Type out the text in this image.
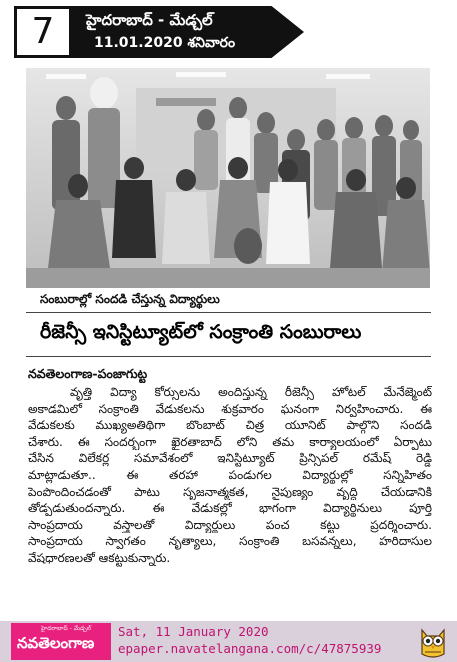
7	హైదరాబాద్ - మేడ్చల్
11.01.2020 శనివారం
సంబురాల్లో సందడి చేస్తున్న విద్యార్థులు
రీజెన్సీ ఇనిస్టిట్యూట్‌లో సంక్రాంతి సంబురాలు
నవతెలంగాణ-పంజాగుట్ట
వృత్తి విద్యా కోర్సులను అందిస్తున్న రీజెన్సీ హోటల్ మేనేజ్మెంట్
అకాడమిలో సంక్రాంతి వేడుకలను శుక్రవారం ఘనంగా నిర్వహించారు. ఈ
వేడుకలకు ముఖ్యఅతిథిగా బొంబాట్ చిత్ర యూనిట్ పాల్గొని సందడి
చేశారు. ఈ సందర్భంగా ఖైరతాబాద్ లోని తమ కార్యాలయంలో ఏర్పాటు
చేసిన విలేకర్ల సమావేశంలో ఇనిస్టిట్యూట్ ప్రిన్సిపల్ రమేష్ రెడ్డి
మాట్లాడుతూ.. ఈ తరహా పండుగల విద్యార్థుల్లో సన్నిహితం
పెంపొందించడంతో పాటు సృజనాత్మకత, నైపుణ్యం వృద్ధి చేయడానికి
తోడ్పడుతుందన్నారు. ఈ వేడుకల్లో భాగంగా విద్యార్థినులు పూర్తి
సాంప్రదాయ వస్త్రాలతో విద్యార్థులు పంచ కట్టు ప్రదర్శించారు.
సాంప్రదాయ స్వాగతం నృత్యాలు, సంక్రాంతి బసవన్నలు, హరిదాసుల
వేషధారణలతో ఆకట్టుకున్నారు.
హైదరాబాద్ - మేడ్చల్
నవతెలంగాణ
Sat, 11 January 2020
epaper.navatelangana.com/c/47875939
